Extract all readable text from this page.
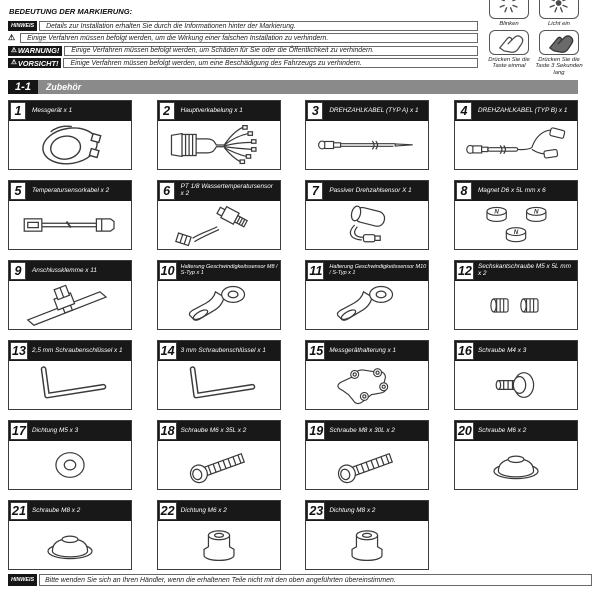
BEDEUTUNG DER MARKIERUNG:
HINWEIS Details zur Installation erhalten Sie durch die Informationen hinter der Markierung.
⚠ Einige Verfahren müssen befolgt werden, um die Wirkung einer falschen Installation zu verhindern.
⚠ WARNUNG! Einige Verfahren müssen befolgt werden, um Schäden für Sie oder die Öffentlichkeit zu verhindern.
⚠ VORSICHT! Einige Verfahren müssen befolgt werden, um eine Beschädigung des Fahrzeugs zu verhindern.
Blinken	Licht ein
Drücken Sie die Taste einmal
Drücken Sie die Taste 3 Sekunden lang
1-1	Zubehör
1	Messgerät x 1	2	Hauptverkabelung x 1	3	DREHZAHLKABEL (TYP A) x 1	4	DREHZAHLKABEL (TYP B) x 1
5	Temperatursensorkabel x 2	6	PT 1/8 Wassertemperatursensor x 2	7	Passiver Drehzahlsensor X 1	8	Magnet D6 x 5L mm x 6
9	Anschlussklemme x 11	10	Halterung Geschwindigkeitssensor M8 / S-Typ x 1	11	Halterung Geschwindigkeitssensor M10 / S-Typ x 1	12 Sechskantschraube M5 x 5L mm x 2
13 2,5 mm Schraubenschlüssel x 1	14 3 mm Schraubenschlüssel x 1	15 Messgeräthalterung x 1	16 Schraube M4 x 3
17 Dichtung M5 x 3	18 Schraube M6 x 35L x 2	19 Schraube M8 x 30L x 2	20 Schraube M6 x 2
21 Schraube M8 x 2	22 Dichtung M6 x 2	23 Dichtung M8 x 2
HINWEIS	Bitte wenden Sie sich an Ihren Händler, wenn die erhaltenen Teile nicht mit den oben angeführten übereinstimmen.
